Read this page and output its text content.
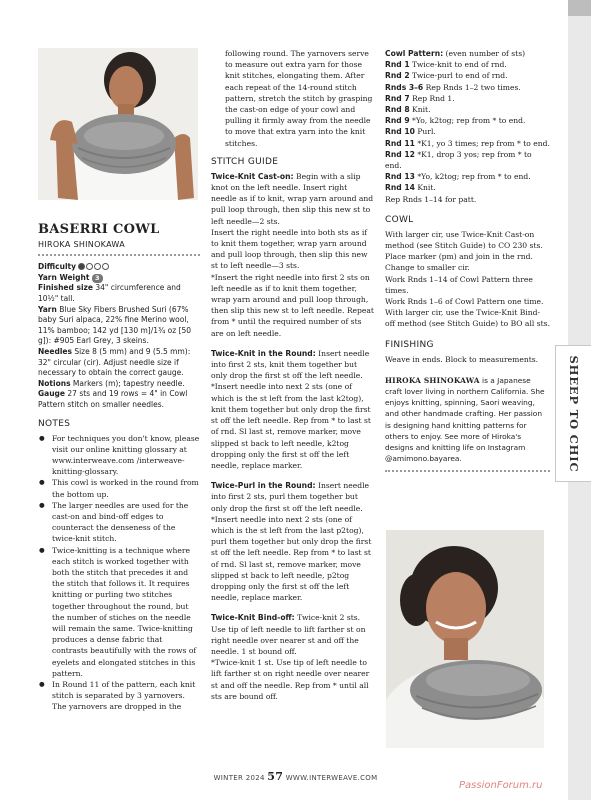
SHEEP TO CHIC
BASERRI COWL
HIROKA SHINOKAWA

Difficulty

Yarn Weight 3

Finished size 34" circumference and 10½" tall.

Yarn Blue Sky Fibers Brushed Suri (67% baby Suri alpaca, 22% fine Merino wool, 11% bamboo; 142 yd [130 m]/1¾ oz [50 g]): #905 Earl Grey, 3 skeins.

Needles Size 8 (5 mm) and 9 (5.5 mm): 32" circular (cir). Adjust needle size if necessary to obtain the correct gauge.

Notions Markers (m); tapestry needle.

Gauge 27 sts and 19 rows = 4" in Cowl Pattern stitch on smaller needles.

NOTES
● For techniques you don't know, please visit our online knitting glossary at www.interweave.com /interweave-knitting-glossary.
● This cowl is worked in the round from the bottom up.
● The larger needles are used for the cast-on and bind-off edges to counteract the denseness of the twice-knit stitch.
● Twice-knitting is a technique where each stitch is worked together with both the stitch that precedes it and the stitch that follows it. It requires knitting or purling two stitches together throughout the round, but the number of stiches on the needle will remain the same. Twice-knitting produces a dense fabric that contrasts beautifully with the rows of eyelets and elongated stitches in this pattern.
● In Round 11 of the pattern, each knit stitch is separated by 3 yarnovers. The yarnovers are dropped in the

following round. The yarnovers serve to measure out extra yarn for those knit stitches, elongating them. After each repeat of the 14-round stitch pattern, stretch the stitch by grasping the cast-on edge of your cowl and pulling it firmly away from the needle to move that extra yarn into the knit stitches.

STITCH GUIDE

Twice-Knit Cast-on: Begin with a slip knot on the left needle. Insert right needle as if to knit, wrap yarn around and pull loop through, then slip this new st to left needle—2 sts.

Insert the right needle into both sts as if to knit them together, wrap yarn around and pull loop through, then slip this new st to left needle—3 sts.

*Insert the right needle into first 2 sts on left needle as if to knit them together, wrap yarn around and pull loop through, then slip this new st to left needle. Repeat from * until the required number of sts are on left needle.

Twice-Knit in the Round: Insert needle into first 2 sts, knit them together but only drop the first st off the left needle. *Insert needle into next 2 sts (one of which is the st left from the last k2tog), knit them together but only drop the first st off the left needle. Rep from * to last st of rnd. Sl last st, remove marker, move slipped st back to left needle, k2tog dropping only the first st off the left needle, replace marker.

Twice-Purl in the Round: Insert needle into first 2 sts, purl them together but only drop the first st off the left needle. *Insert needle into next 2 sts (one of which is the st left from the last p2tog), purl them together but only drop the first st off the left needle. Rep from * to last st of rnd. Sl last st, remove marker, move slipped st back to left needle, p2tog dropping only the first st off the left needle, replace marker.

Twice-Knit Bind-off: Twice-knit 2 sts. Use tip of left needle to lift farther st on right needle over nearer st and off the needle. 1 st bound off.

*Twice-knit 1 st. Use tip of left needle to lift farther st on right needle over nearer st and off the needle. Rep from * until all sts are bound off.

Cowl Pattern: (even number of sts)

Rnd 1 Twice-knit to end of rnd.

Rnd 2 Twice-purl to end of rnd.

Rnds 3–6 Rep Rnds 1–2 two times.

Rnd 7 Rep Rnd 1.

Rnd 8 Knit.

Rnd 9 *Yo, k2tog; rep from * to end.

Rnd 10 Purl.

Rnd 11 *K1, yo 3 times; rep from * to end.

Rnd 12 *K1, drop 3 yos; rep from * to end.

Rnd 13 *Yo, k2tog; rep from * to end.

Rnd 14 Knit.

Rep Rnds 1–14 for patt.

COWL

With larger cir, use Twice-Knit Cast-on method (see Stitch Guide) to CO 230 sts. Place marker (pm) and join in the rnd. Change to smaller cir.

Work Rnds 1–14 of Cowl Pattern three times.

Work Rnds 1–6 of Cowl Pattern one time.

With larger cir, use the Twice-Knit Bind-off method (see Stitch Guide) to BO all sts.

FINISHING

Weave in ends. Block to measurements.

HIROKA SHINOKAWA is a Japanese craft lover living in northern California. She enjoys knitting, spinning, Saori weaving, and other handmade crafting. Her passion is designing hand knitting patterns for others to enjoy. See more of Hiroka's designs and knitting life on Instagram @amimono.bayarea.

WINTER 2024 57 WWW.INTERWEAVE.COM
PassionForum.ru
